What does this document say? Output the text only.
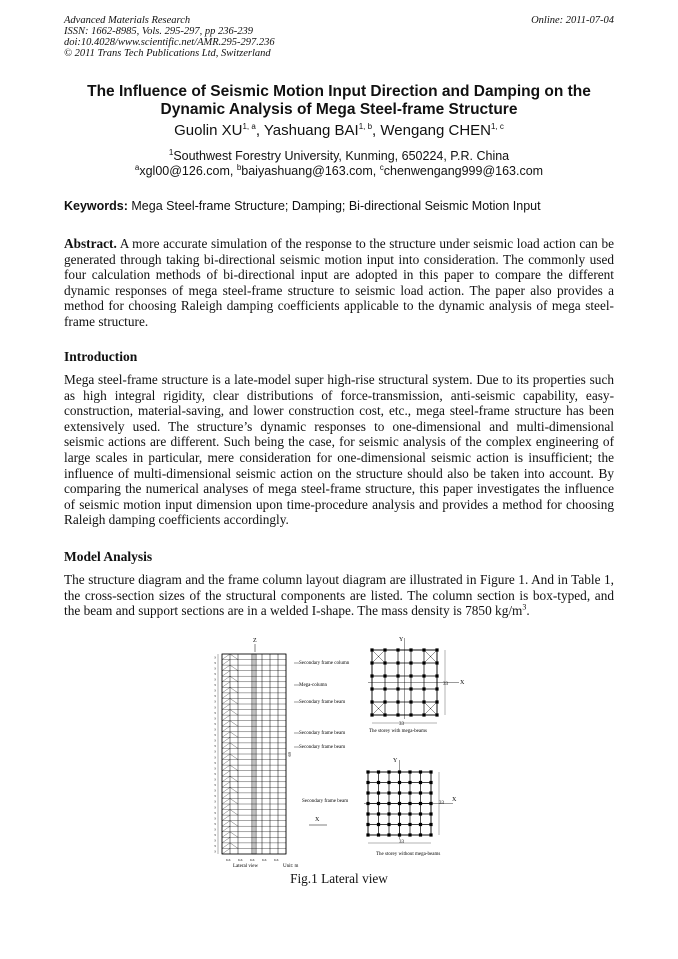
Advanced Materials Research
ISSN: 1662-8985, Vols. 295-297, pp 236-239
doi:10.4028/www.scientific.net/AMR.295-297.236
© 2011 Trans Tech Publications Ltd, Switzerland
Online: 2011-07-04
The Influence of Seismic Motion Input Direction and Damping on the Dynamic Analysis of Mega Steel-frame Structure
Guolin XU$^{1, a}$, Yashuang BAI$^{1, b}$, Wengang CHEN$^{1, c}$
$^1$Southwest Forestry University, Kunming, 650224, P.R. China
$^a$xgl00@126.com, $^b$baiyashuang@163.com, $^c$chenwengang999@163.com
Keywords: Mega Steel-frame Structure; Damping; Bi-directional Seismic Motion Input
Abstract. A more accurate simulation of the response to the structure under seismic load action can be generated through taking bi-directional seismic motion input into consideration. The commonly used four calculation methods of bi-directional input are adopted in this paper to compare the different dynamic responses of mega steel-frame structure to seismic load action. The paper also provides a method for choosing Raleigh damping coefficients applicable to the dynamic analysis of mega steel-frame structure.
Introduction
Mega steel-frame structure is a late-model super high-rise structural system. Due to its properties such as high integral rigidity, clear distributions of force-transmission, anti-seismic capability, easy-construction, material-saving, and lower construction cost, etc., mega steel-frame structure has been extensively used. The structure’s dynamic responses to one-dimensional and multi-dimensional seismic actions are different. Such being the case, for seismic analysis of the complex engineering of large scales in particular, mere consideration for one-dimensional seismic action is insufficient; the influence of multi-dimensional seismic action on the structure should also be taken into account. By comparing the numerical analyses of mega steel-frame structure, this paper investigates the influence of seismic motion input dimension upon time-procedure analysis and provides a method for choosing Raleigh damping coefficients accordingly.
Model Analysis
The structure diagram and the frame column layout diagram are illustrated in Figure 1. And in Table 1, the cross-section sizes of the structural components are listed. The column section is box-typed, and the beam and support sections are in a welded I-shape. The mass density is 7850 $kg/m^3$.
3
3
3
3
3
3
3
3
3
3
3
3
3
3
3
3
3
3
3
3
3
3
3
3
3
3
3
3
3
3
3
3
3
3
3
3
6.6 6.6 6.6 6.6 6.6
Z
Secondary frame column
Mega-column
Secondary frame beam
Secondary frame beam
Secondary frame beam
Secondary frame beam
X
Lateral view	Unit: m
69
Y
X
33
33
The storey with mega-beams
Y
X
33
33
The storey without mega-beams
Fig.1 Lateral view
